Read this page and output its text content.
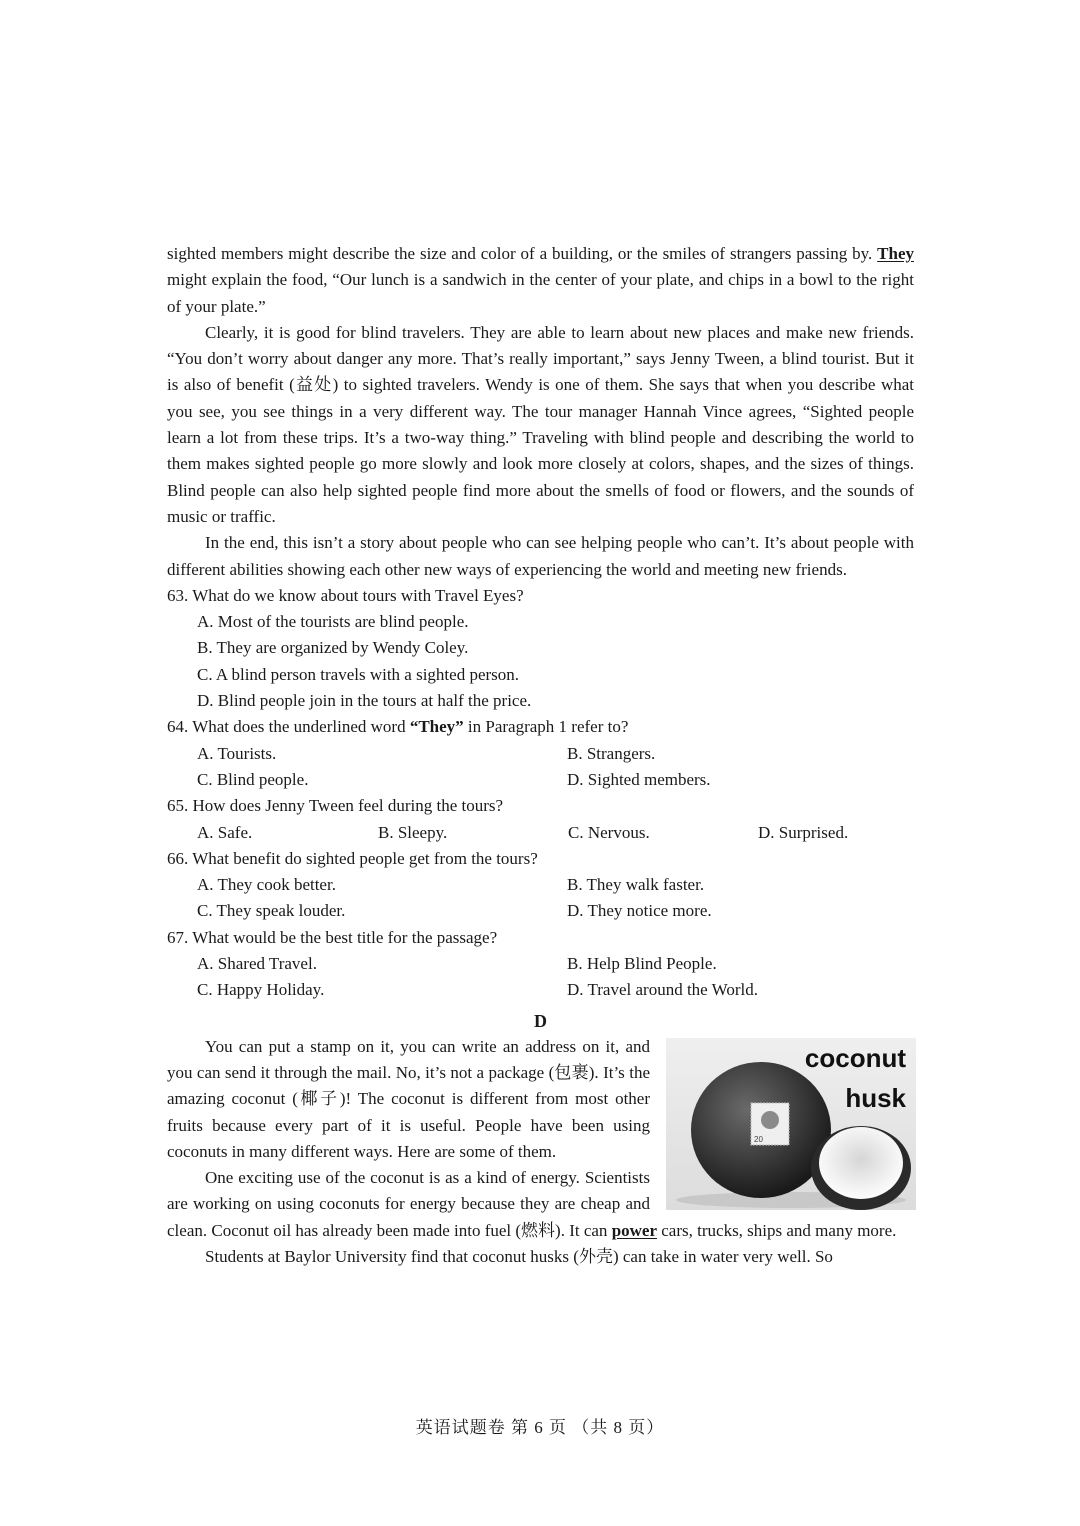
sighted members might describe the size and color of a building, or the smiles of strangers passing by. They might explain the food, “Our lunch is a sandwich in the center of your plate, and chips in a bowl to the right of your plate.”

Clearly, it is good for blind travelers. They are able to learn about new places and make new friends. “You don’t worry about danger any more. That’s really important,” says Jenny Tween, a blind tourist. But it is also of benefit (益处) to sighted travelers. Wendy is one of them. She says that when you describe what you see, you see things in a very different way. The tour manager Hannah Vince agrees, “Sighted people learn a lot from these trips. It’s a two-way thing.” Traveling with blind people and describing the world to them makes sighted people go more slowly and look more closely at colors, shapes, and the sizes of things. Blind people can also help sighted people find more about the smells of food or flowers, and the sounds of music or traffic.

In the end, this isn’t a story about people who can see helping people who can’t. It’s about people with different abilities showing each other new ways of experiencing the world and meeting new friends.

63. What do we know about tours with Travel Eyes?

A. Most of the tourists are blind people.
B. They are organized by Wendy Coley.
C. A blind person travels with a sighted person.
D. Blind people join in the tours at half the price.

64. What does the underlined word “They” in Paragraph 1 refer to?

A. Tourists.	B. Strangers.
C. Blind people.	D. Sighted members.

65. How does Jenny Tween feel during the tours?

A. Safe.	B. Sleepy.	C. Nervous.	D. Surprised.

66. What benefit do sighted people get from the tours?

A. They cook better.	B. They walk faster.
C. They speak louder.	D. They notice more.

67. What would be the best title for the passage?

A. Shared Travel.	B. Help Blind People.
C. Happy Holiday.	D. Travel around the World.
D
20
coconut
husk

You can put a stamp on it, you can write an address on it, and you can send it through the mail. No, it’s not a package (包裹). It’s the amazing coconut (椰子)! The coconut is different from most other fruits because every part of it is useful. People have been using coconuts in many different ways. Here are some of them.

One exciting use of the coconut is as a kind of energy. Scientists are working on using coconuts for energy because they are cheap and clean. Coconut oil has already been made into fuel (燃料). It can power cars, trucks, ships and many more.

Students at Baylor University find that coconut husks (外壳) can take in water very well. So

英语试题卷 第 6 页 （共 8 页）
